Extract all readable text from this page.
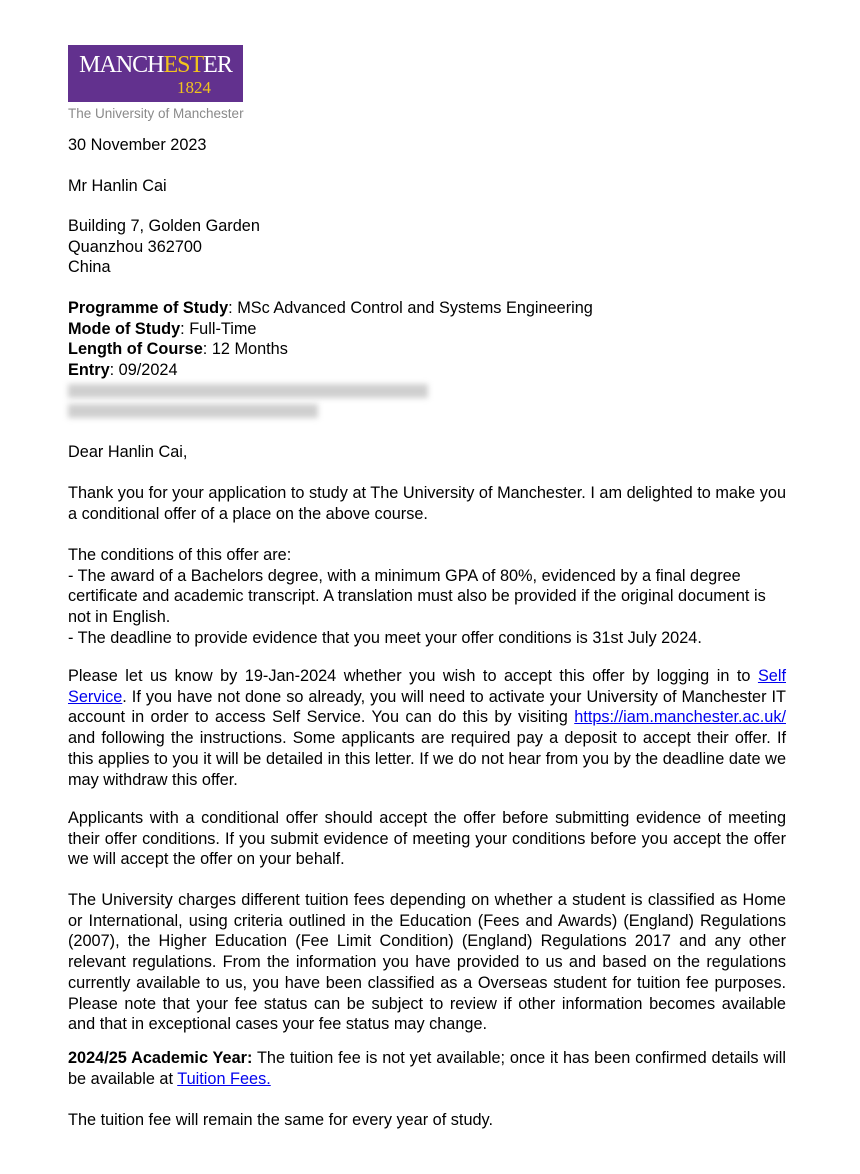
MANCHESTER
1824
The University of Manchester
30 November 2023
Mr Hanlin Cai
Building 7, Golden Garden
Quanzhou 362700
China
Programme of Study: MSc Advanced Control and Systems Engineering
Mode of Study: Full-Time
Length of Course: 12 Months
Entry: 09/2024
Dear Hanlin Cai,
Thank you for your application to study at The University of Manchester. I am delighted to make you a conditional offer of a place on the above course.
The conditions of this offer are:
- The award of a Bachelors degree, with a minimum GPA of 80%, evidenced by a final degree certificate and academic transcript. A translation must also be provided if the original document is not in English.
- The deadline to provide evidence that you meet your offer conditions is 31st July 2024.
Please let us know by 19-Jan-2024 whether you wish to accept this offer by logging in to Self Service. If you have not done so already, you will need to activate your University of Manchester IT account in order to access Self Service. You can do this by visiting https://iam.manchester.ac.uk/ and following the instructions. Some applicants are required pay a deposit to accept their offer. If this applies to you it will be detailed in this letter. If we do not hear from you by the deadline date we may withdraw this offer.
Applicants with a conditional offer should accept the offer before submitting evidence of meeting their offer conditions. If you submit evidence of meeting your conditions before you accept the offer we will accept the offer on your behalf.
The University charges different tuition fees depending on whether a student is classified as Home or International, using criteria outlined in the Education (Fees and Awards) (England) Regulations (2007), the Higher Education (Fee Limit Condition) (England) Regulations 2017 and any other relevant regulations. From the information you have provided to us and based on the regulations currently available to us, you have been classified as a Overseas student for tuition fee purposes. Please note that your fee status can be subject to review if other information becomes available and that in exceptional cases your fee status may change.
2024/25 Academic Year: The tuition fee is not yet available; once it has been confirmed details will be available at Tuition Fees.
The tuition fee will remain the same for every year of study.
